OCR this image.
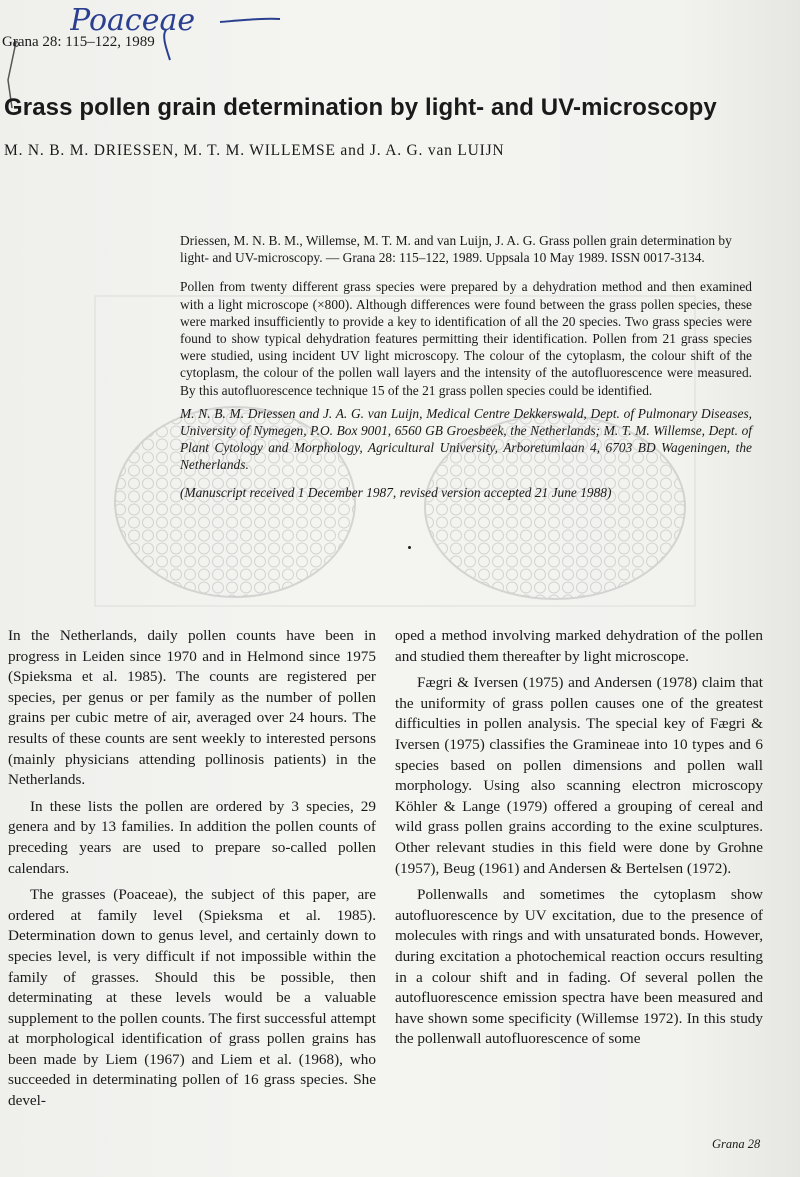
Poaceae
Grana 28: 115–122, 1989
Grass pollen grain determination by light- and UV-microscopy
M. N. B. M. DRIESSEN, M. T. M. WILLEMSE and J. A. G. van LUIJN
Driessen, M. N. B. M., Willemse, M. T. M. and van Luijn, J. A. G. Grass pollen grain determination by light- and UV-microscopy. — Grana 28: 115–122, 1989. Uppsala 10 May 1989. ISSN 0017-3134.
Pollen from twenty different grass species were prepared by a dehydration method and then examined with a light microscope (×800). Although differences were found between the grass pollen species, these were marked insufficiently to provide a key to identification of all the 20 species. Two grass species were found to show typical dehydration features permitting their identification. Pollen from 21 grass species were studied, using incident UV light microscopy. The colour of the cytoplasm, the colour shift of the cytoplasm, the colour of the pollen wall layers and the intensity of the autofluorescence were measured. By this autofluorescence technique 15 of the 21 grass pollen species could be identified.
M. N. B. M. Driessen and J. A. G. van Luijn, Medical Centre Dekkerswald, Dept. of Pulmonary Diseases, University of Nymegen, P.O. Box 9001, 6560 GB Groesbeek, the Netherlands; M. T. M. Willemse, Dept. of Plant Cytology and Morphology, Agricultural University, Arboretumlaan 4, 6703 BD Wageningen, the Netherlands.
(Manuscript received 1 December 1987, revised version accepted 21 June 1988)

In the Netherlands, daily pollen counts have been in progress in Leiden since 1970 and in Helmond since 1975 (Spieksma et al. 1985). The counts are registered per species, per genus or per family as the number of pollen grains per cubic metre of air, averaged over 24 hours. The results of these counts are sent weekly to interested persons (mainly physicians attending pollinosis patients) in the Netherlands.

In these lists the pollen are ordered by 3 species, 29 genera and by 13 families. In addition the pollen counts of preceding years are used to prepare so-called pollen calendars.

The grasses (Poaceae), the subject of this paper, are ordered at family level (Spieksma et al. 1985). Determination down to genus level, and certainly down to species level, is very difficult if not impossible within the family of grasses. Should this be possible, then determinating at these levels would be a valuable supplement to the pollen counts. The first successful attempt at morphological identification of grass pollen grains has been made by Liem (1967) and Liem et al. (1968), who succeeded in determinating pollen of 16 grass species. She devel-

oped a method involving marked dehydration of the pollen and studied them thereafter by light microscope.

Fægri & Iversen (1975) and Andersen (1978) claim that the uniformity of grass pollen causes one of the greatest difficulties in pollen analysis. The special key of Fægri & Iversen (1975) classifies the Gramineae into 10 types and 6 species based on pollen dimensions and pollen wall morphology. Using also scanning electron microscopy Köhler & Lange (1979) offered a grouping of cereal and wild grass pollen grains according to the exine sculptures. Other relevant studies in this field were done by Grohne (1957), Beug (1961) and Andersen & Bertelsen (1972).

Pollenwalls and sometimes the cytoplasm show autofluorescence by UV excitation, due to the presence of molecules with rings and with unsaturated bonds. However, during excitation a photochemical reaction occurs resulting in a colour shift and in fading. Of several pollen the autofluorescence emission spectra have been measured and have shown some specificity (Willemse 1972). In this study the pollenwall autofluorescence of some

Grana 28
